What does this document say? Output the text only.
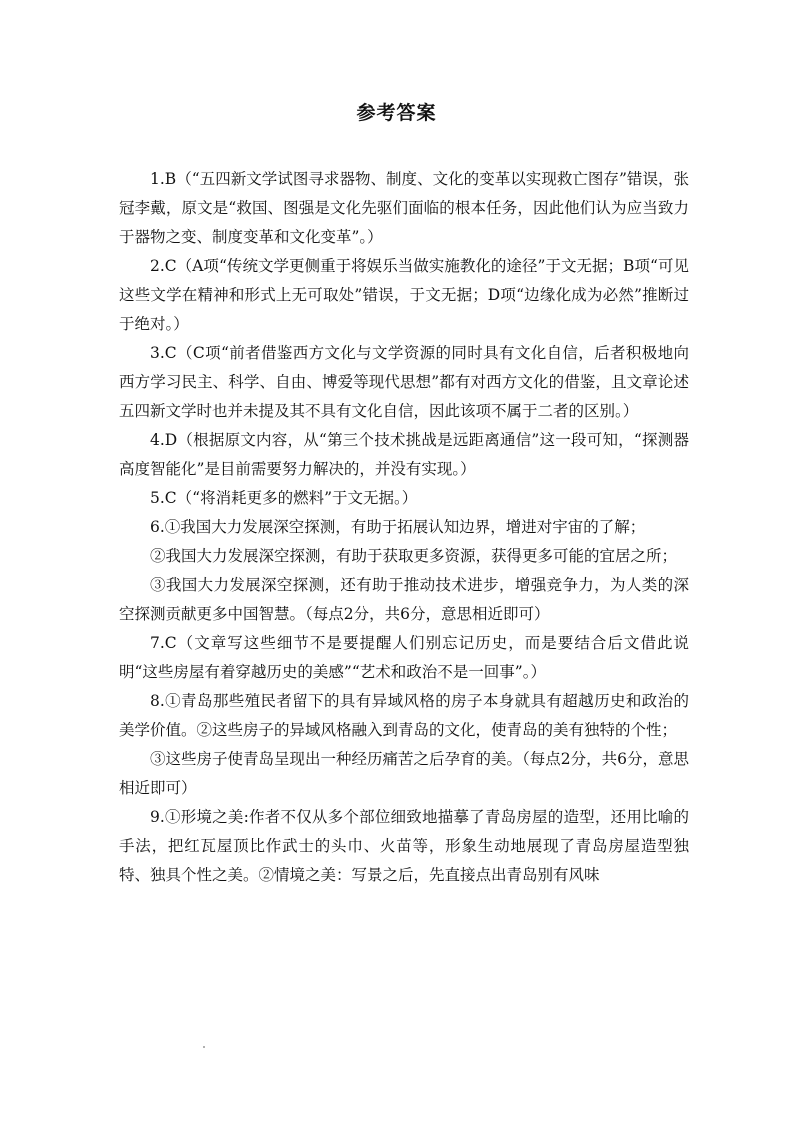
参考答案

1.B（“五四新文学试图寻求器物、制度、文化的变革以实现救亡图存”错误，张冠李戴，原文是“救国、图强是文化先驱们面临的根本任务，因此他们认为应当致力于器物之变、制度变革和文化变革”。）

2.C（A项“传统文学更侧重于将娱乐当做实施教化的途径”于文无据；B项“可见这些文学在精神和形式上无可取处”错误，于文无据；D项“边缘化成为必然”推断过于绝对。）

3.C（C项“前者借鉴西方文化与文学资源的同时具有文化自信，后者积极地向西方学习民主、科学、自由、博爱等现代思想”都有对西方文化的借鉴，且文章论述五四新文学时也并未提及其不具有文化自信，因此该项不属于二者的区别。）

4.D（根据原文内容，从“第三个技术挑战是远距离通信”这一段可知，“探测器高度智能化”是目前需要努力解决的，并没有实现。）

5.C（“将消耗更多的燃料”于文无据。）

6.①我国大力发展深空探测，有助于拓展认知边界，增进对宇宙的了解；

②我国大力发展深空探测，有助于获取更多资源，获得更多可能的宜居之所；

③我国大力发展深空探测，还有助于推动技术进步，增强竞争力，为人类的深空探测贡献更多中国智慧。（每点2分，共6分，意思相近即可）

7.C（文章写这些细节不是要提醒人们别忘记历史，而是要结合后文借此说明“这些房屋有着穿越历史的美感”“艺术和政治不是一回事”。）

8.①青岛那些殖民者留下的具有异域风格的房子本身就具有超越历史和政治的美学价值。②这些房子的异域风格融入到青岛的文化，使青岛的美有独特的个性；

③这些房子使青岛呈现出一种经历痛苦之后孕育的美。（每点2分，共6分，意思相近即可）

9.①形境之美:作者不仅从多个部位细致地描摹了青岛房屋的造型，还用比喻的手法，把红瓦屋顶比作武士的头巾、火苗等，形象生动地展现了青岛房屋造型独特、独具个性之美。②情境之美：写景之后，先直接点出青岛别有风味
